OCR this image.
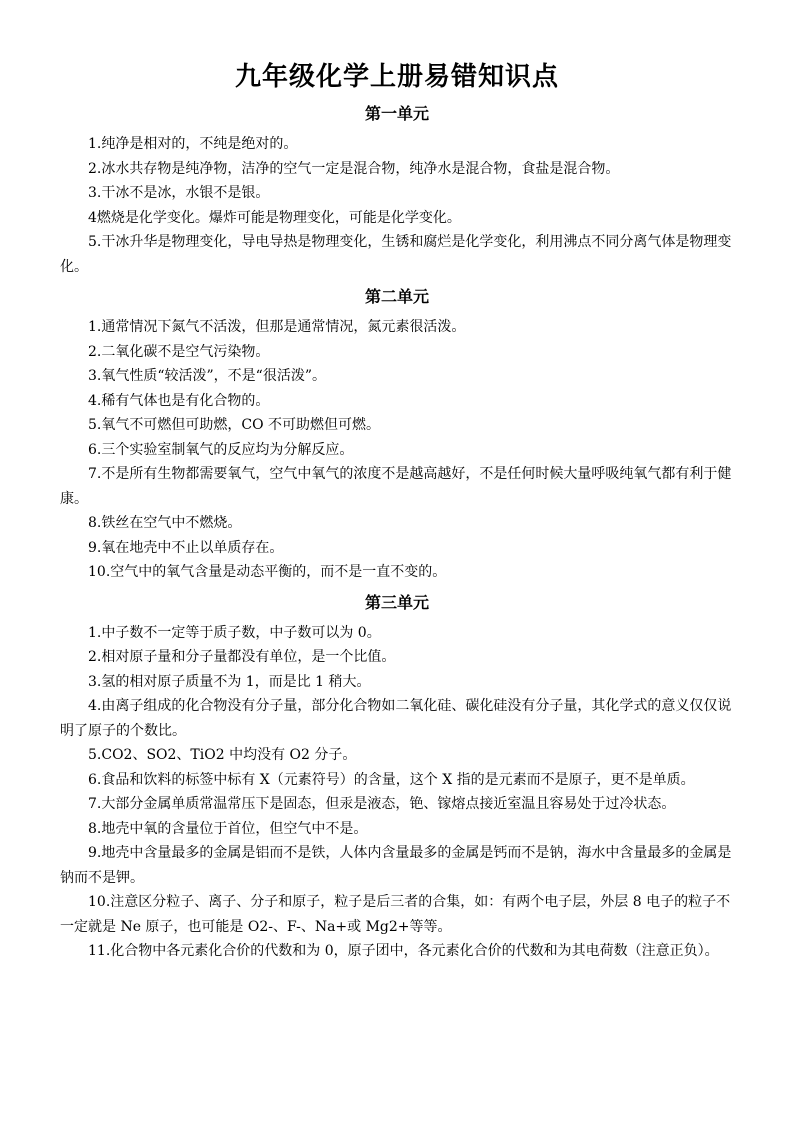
九年级化学上册易错知识点
第一单元

1.纯净是相对的，不纯是绝对的。

2.冰水共存物是纯净物，洁净的空气一定是混合物，纯净水是混合物，食盐是混合物。

3.干冰不是冰，水银不是银。

4燃烧是化学变化。爆炸可能是物理变化，可能是化学变化。

5.干冰升华是物理变化，导电导热是物理变化，生锈和腐烂是化学变化，利用沸点不同分离气体是物理变化。

第二单元

1.通常情况下氮气不活泼，但那是通常情况，氮元素很活泼。

2.二氧化碳不是空气污染物。

3.氧气性质“较活泼”，不是“很活泼”。

4.稀有气体也是有化合物的。

5.氧气不可燃但可助燃，CO 不可助燃但可燃。

6.三个实验室制氧气的反应均为分解反应。

7.不是所有生物都需要氧气，空气中氧气的浓度不是越高越好，不是任何时候大量呼吸纯氧气都有利于健康。

8.铁丝在空气中不燃烧。

9.氧在地壳中不止以单质存在。

10.空气中的氧气含量是动态平衡的，而不是一直不变的。

第三单元

1.中子数不一定等于质子数，中子数可以为 0。

2.相对原子量和分子量都没有单位，是一个比值。

3.氢的相对原子质量不为 1，而是比 1 稍大。

4.由离子组成的化合物没有分子量，部分化合物如二氧化硅、碳化硅没有分子量，其化学式的意义仅仅说明了原子的个数比。

5.CO2、SO2、TiO2 中均没有 O2 分子。

6.食品和饮料的标签中标有 X（元素符号）的含量，这个 X 指的是元素而不是原子，更不是单质。

7.大部分金属单质常温常压下是固态，但汞是液态，铯、镓熔点接近室温且容易处于过冷状态。

8.地壳中氧的含量位于首位，但空气中不是。

9.地壳中含量最多的金属是铝而不是铁，人体内含量最多的金属是钙而不是钠，海水中含量最多的金属是钠而不是钾。

10.注意区分粒子、离子、分子和原子，粒子是后三者的合集，如：有两个电子层，外层 8 电子的粒子不一定就是 Ne 原子，也可能是 O2-、F-、Na+或 Mg2+等等。

11.化合物中各元素化合价的代数和为 0，原子团中，各元素化合价的代数和为其电荷数（注意正负）。
